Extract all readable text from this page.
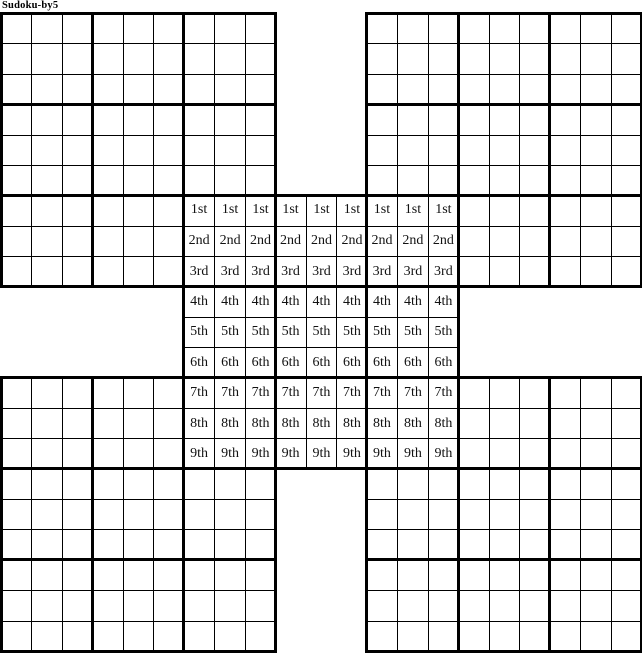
Sudoku-by5
1st	1st	1st 1st	1st	1st 1st	1st	1st
2nd 2nd 2nd 2nd 2nd 2nd 2nd 2nd 2nd
3rd 3rd 3rd 3rd 3rd 3rd 3rd 3rd 3rd
4th 4th 4th 4th 4th 4th 4th 4th 4th
5th 5th 5th 5th 5th 5th 5th 5th 5th
6th 6th 6th 6th 6th 6th 6th 6th 6th
7th 7th 7th 7th 7th 7th 7th 7th 7th
8th 8th 8th 8th 8th 8th 8th 8th 8th
9th 9th 9th 9th 9th 9th 9th 9th 9th
